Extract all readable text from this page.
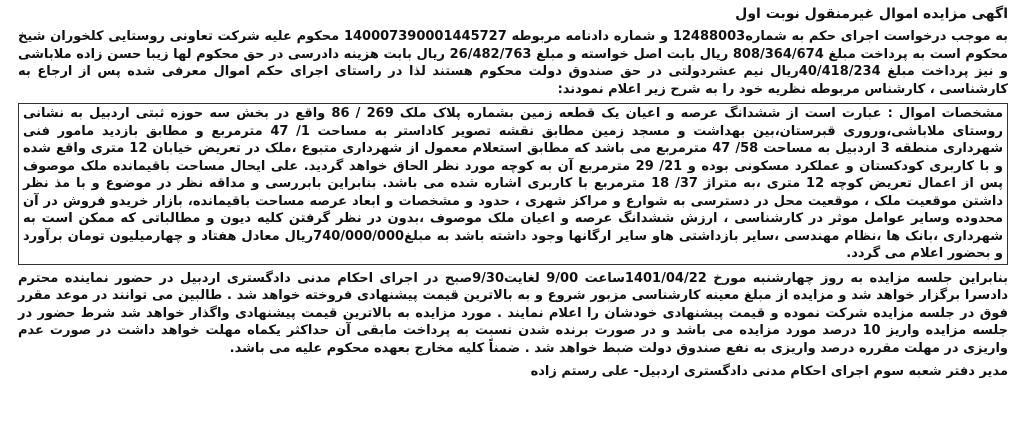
اگهی مزایده اموال غیرمنقول نوبت اول

به موجب درخواست اجرای حکم به شماره12488003 و شماره دادنامه مربوطه 140007390001445727 محکوم علیه شرکت تعاونی روستایی کلخوران شیخ محکوم است به پرداخت مبلغ 808/364/674 ریال بابت اصل خواسته و مبلغ 26/482/763 ریال بابت هزینه دادرسی در حق محکوم لها زیبا حسن زاده ملاباشی و نیز پرداخت مبلغ 40/418/234ریال نیم عشردولتی در حق صندوق دولت محکوم هستند لذا در راستای اجرای حکم اموال معرفی شده پس از ارجاع به کارشناسی ، کارشناس مربوطه نظریه خود را به شرح زیر اعلام نمودند:

مشخصات اموال : عبارت است از ششدانگ عرصه و اعیان یک قطعه زمین بشماره پلاک ملک 269 / 86 واقع در بخش سه حوزه ثبتی اردبیل به نشانی روستای ملاباشی،وروری قبرستان،بین بهداشت و مسجد زمین مطابق نقشه تصویر کاداستر به مساحت 1/ 47 مترمربع و مطابق بازدید مامور فنی شهرداری منطقه 3 اردبیل به مساحت 58/ 47 مترمربع می باشد که مطابق استعلام معمول از شهرداری متبوع ،ملک در تعریض خیابان 12 متری واقع شده و با کاربری کودکستان و عملکرد مسکونی بوده و 21/ 29 مترمربع آن به کوچه مورد نظر الحاق خواهد گردید. علی ایحال مساحت باقیمانده ملک موصوف پس از اعمال تعریض کوچه 12 متری ،به متراژ 37/ 18 مترمربع با کاربری اشاره شده می باشد. بنابراین بابررسی و مداقه نظر در موضوع و با مذ نظر داشتن موقعیت ملک ، موقعیت محل در دسترسی به شوارع و مراکز شهری ، حدود و مشخصات و ابعاد عرصه مساحت باقیمانده، بازار خریدو فروش در آن محدوده وسایر عوامل موثر در کارشناسی ، ارزش ششدانگ عرصه و اعیان ملک موصوف ،بدون در نظر گرفتن کلیه دیون و مطالباتی که ممکن است به شهرداری ،بانک ها ،نظام مهندسی ،سایر بازداشتی هاو سایر ارگانها وجود داشته باشد به مبلغ740/000/000ریال معادل هفتاد و چهارمیلیون تومان برآورد و بحضور اعلام می گردد.

بنابراین جلسه مزایده به روز چهارشنبه مورخ 1401/04/22ساعت 9/00 لغایت9/30صبح در اجرای احکام مدنی دادگستری اردبیل در حضور نماینده محترم دادسرا برگزار خواهد شد و مزایده از مبلغ معینه کارشناسی مزبور شروع و به بالاترین قیمت پیشنهادی فروخته خواهد شد . طالبین می توانند در موعد مقرر فوق در جلسه مزایده شرکت نموده و قیمت پیشنهادی خودشان را اعلام نمایند . مورد مزایده به بالاترین قیمت پیشنهادی واگذار خواهد شد شرط حضور در جلسه مزایده واریز 10 درصد مورد مزایده می باشد و در صورت برنده شدن نسبت به پرداخت مابقی آن حداکثر یکماه مهلت خواهد داشت در صورت عدم واریزی در مهلت مقرره درصد واریزی به نفع صندوق دولت ضبط خواهد شد . ضمناً کلیه مخارج بعهده محکوم علیه می باشد.

مدیر دفتر شعبه سوم اجرای احکام مدنی دادگستری اردبیل- علی رستم زاده
